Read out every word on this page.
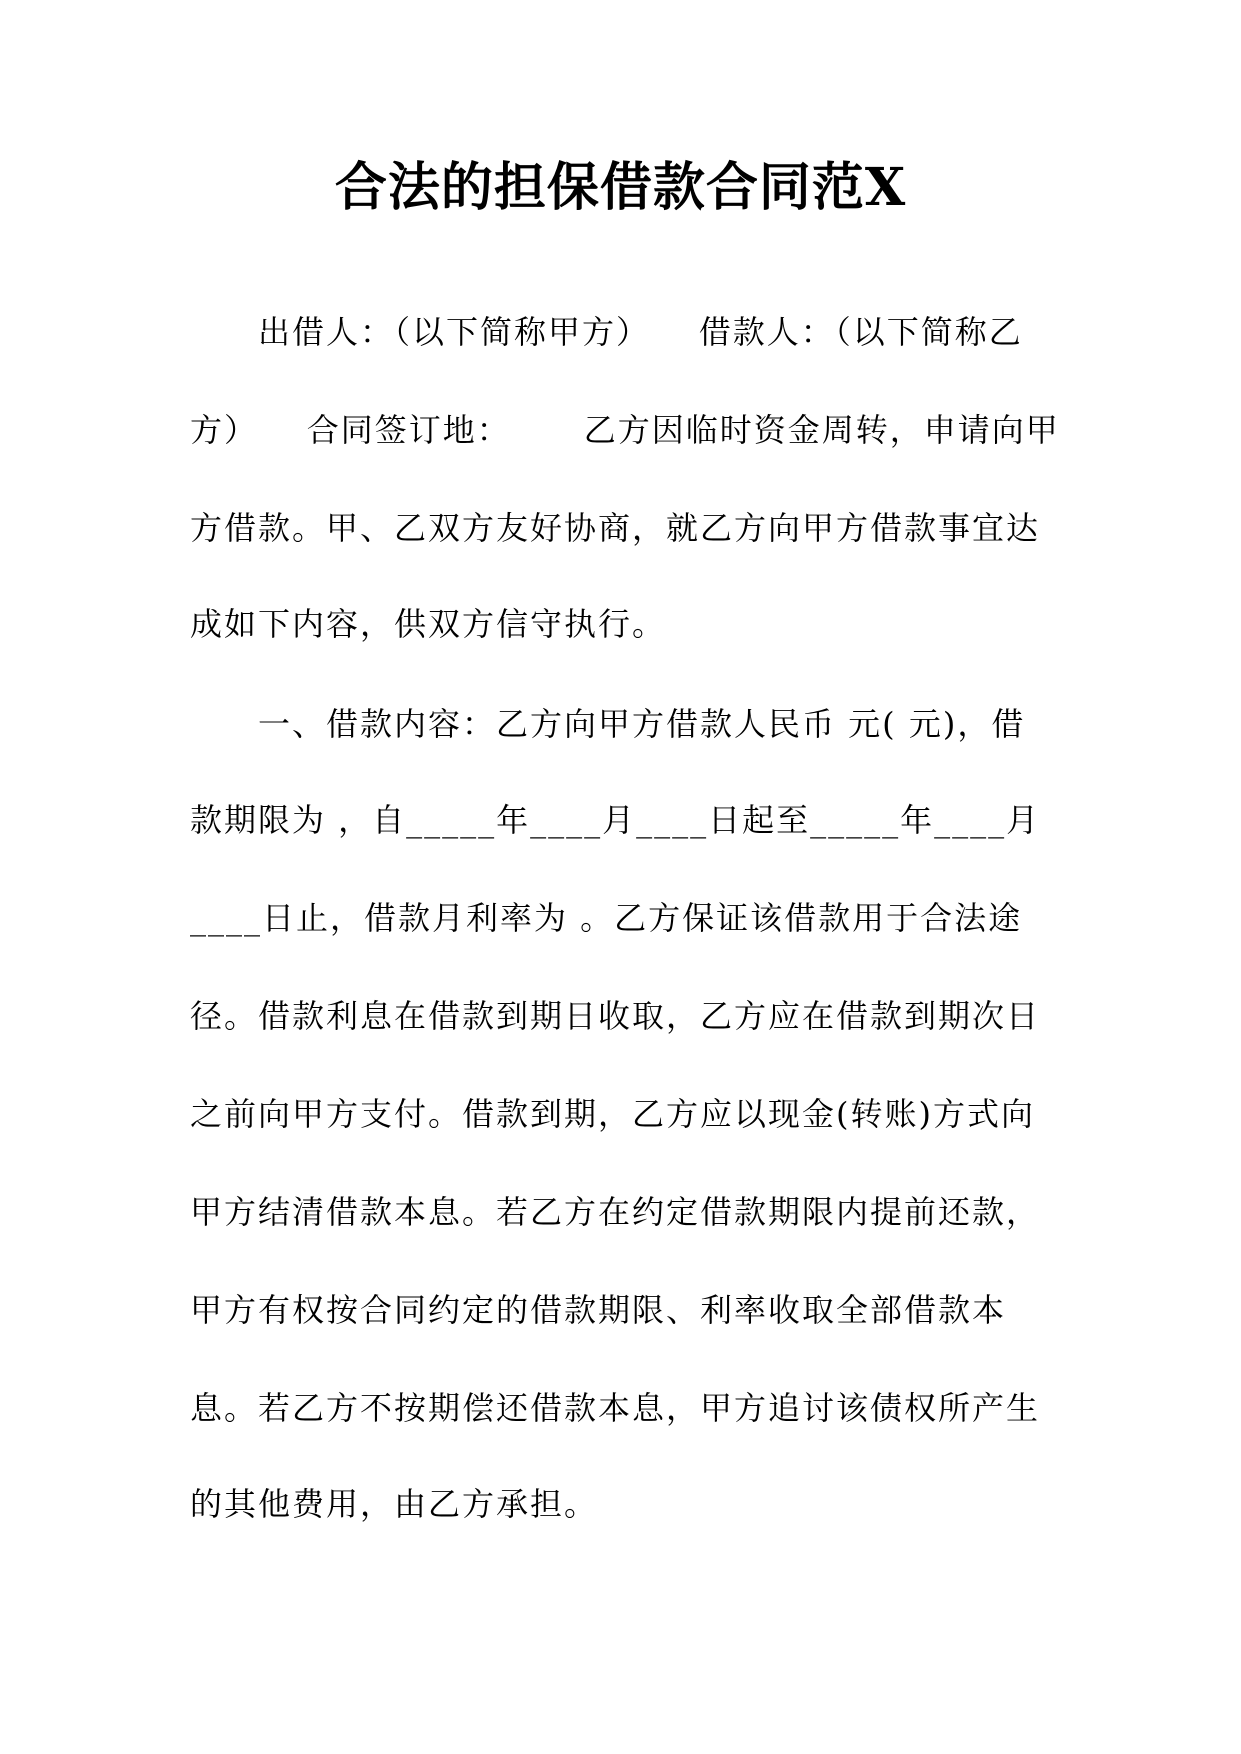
合法的担保借款合同范X
出借人：（以下简称甲方）    借款人：（以下简称乙
方）    合同签订地：      乙方因临时资金周转，申请向甲
方借款。甲、乙双方友好协商，就乙方向甲方借款事宜达
成如下内容，供双方信守执行。
一、借款内容：乙方向甲方借款人民币 元( 元)，借
款期限为 ，自_____年____月____日起至_____年____月
____日止，借款月利率为 。乙方保证该借款用于合法途
径。借款利息在借款到期日收取，乙方应在借款到期次日
之前向甲方支付。借款到期，乙方应以现金(转账)方式向
甲方结清借款本息。若乙方在约定借款期限内提前还款，
甲方有权按合同约定的借款期限、利率收取全部借款本
息。若乙方不按期偿还借款本息，甲方追讨该债权所产生
的其他费用，由乙方承担。
